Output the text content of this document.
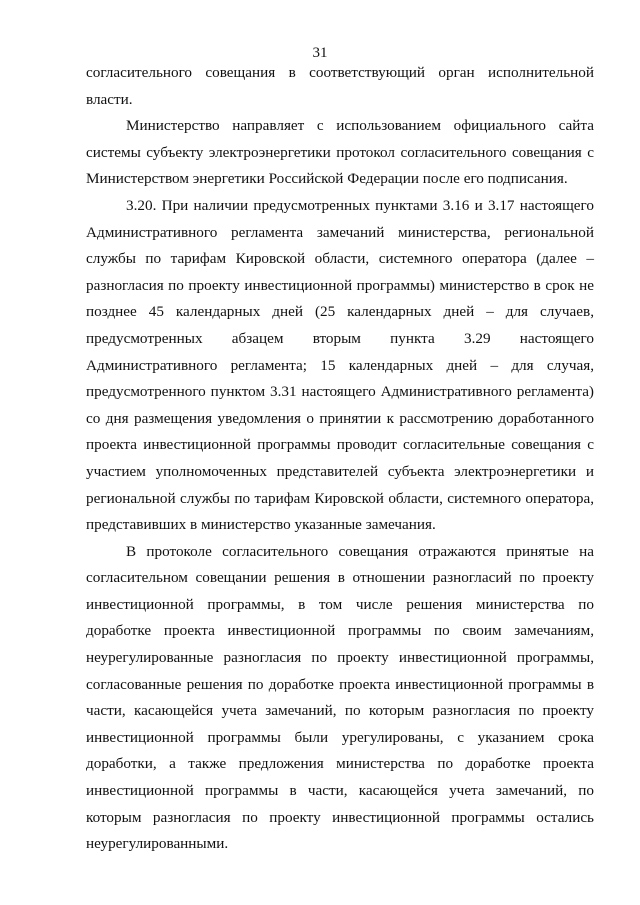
31

согласительного совещания в соответствующий орган исполнительной власти.

Министерство направляет с использованием официального сайта системы субъекту электроэнергетики протокол согласительного совещания с Министерством энергетики Российской Федерации после его подписания.

3.20. При наличии предусмотренных пунктами 3.16 и 3.17 настоящего Административного регламента замечаний министерства, региональной службы по тарифам Кировской области, системного оператора (далее – разногласия по проекту инвестиционной программы) министерство в срок не позднее 45 календарных дней (25 календарных дней – для случаев, предусмотренных абзацем вторым пункта 3.29 настоящего Административного регламента; 15 календарных дней – для случая, предусмотренного пунктом 3.31 настоящего Административного регламента) со дня размещения уведомления о принятии к рассмотрению доработанного проекта инвестиционной программы проводит согласительные совещания с участием уполномоченных представителей субъекта электроэнергетики и региональной службы по тарифам Кировской области, системного оператора, представивших в министерство указанные замечания.

В протоколе согласительного совещания отражаются принятые на согласительном совещании решения в отношении разногласий по проекту инвестиционной программы, в том числе решения министерства по доработке проекта инвестиционной программы по своим замечаниям, неурегулированные разногласия по проекту инвестиционной программы, согласованные решения по доработке проекта инвестиционной программы в части, касающейся учета замечаний, по которым разногласия по проекту инвестиционной программы были урегулированы, с указанием срока доработки, а также предложения министерства по доработке проекта инвестиционной программы в части, касающейся учета замечаний, по которым разногласия по проекту инвестиционной программы остались неурегулированными.
